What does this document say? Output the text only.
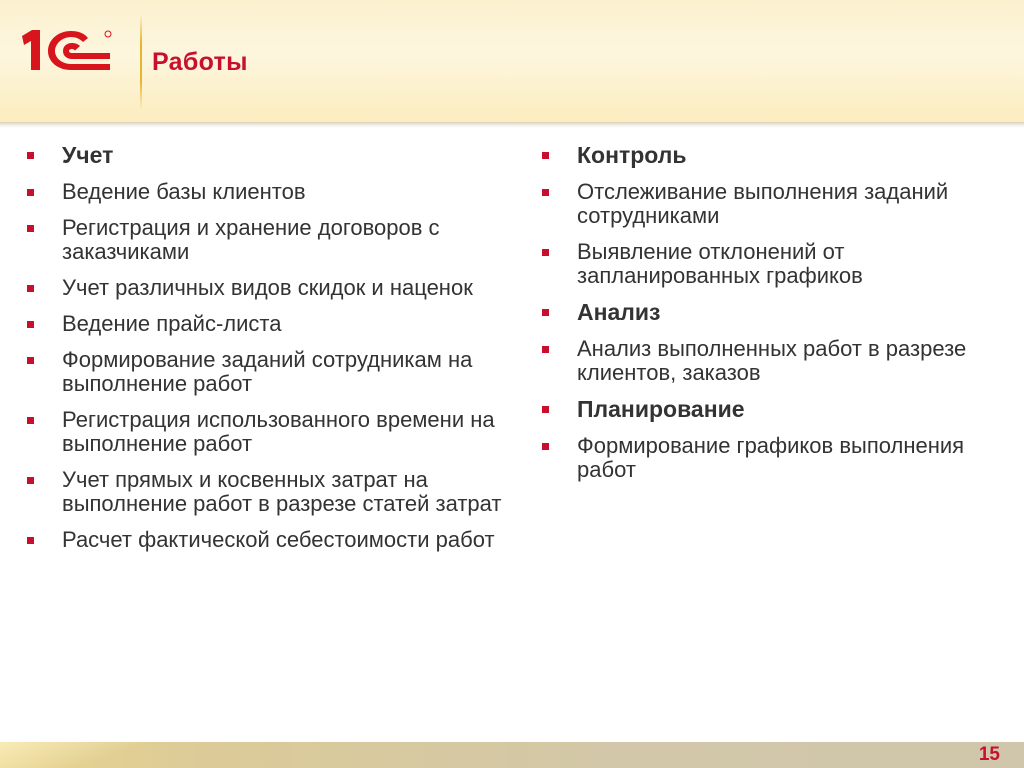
Работы
Учет
Ведение базы клиентов
Регистрация и хранение договоров с заказчиками
Учет различных видов скидок и наценок
Ведение прайс-листа
Формирование заданий сотрудникам на выполнение работ
Регистрация использованного времени на выполнение работ
Учет прямых и косвенных затрат на выполнение работ в разрезе статей затрат
Расчет фактической себестоимости работ
Контроль
Отслеживание выполнения заданий сотрудниками
Выявление отклонений от запланированных графиков
Анализ
Анализ выполненных работ в разрезе клиентов, заказов
Планирование
Формирование графиков выполнения работ
15
